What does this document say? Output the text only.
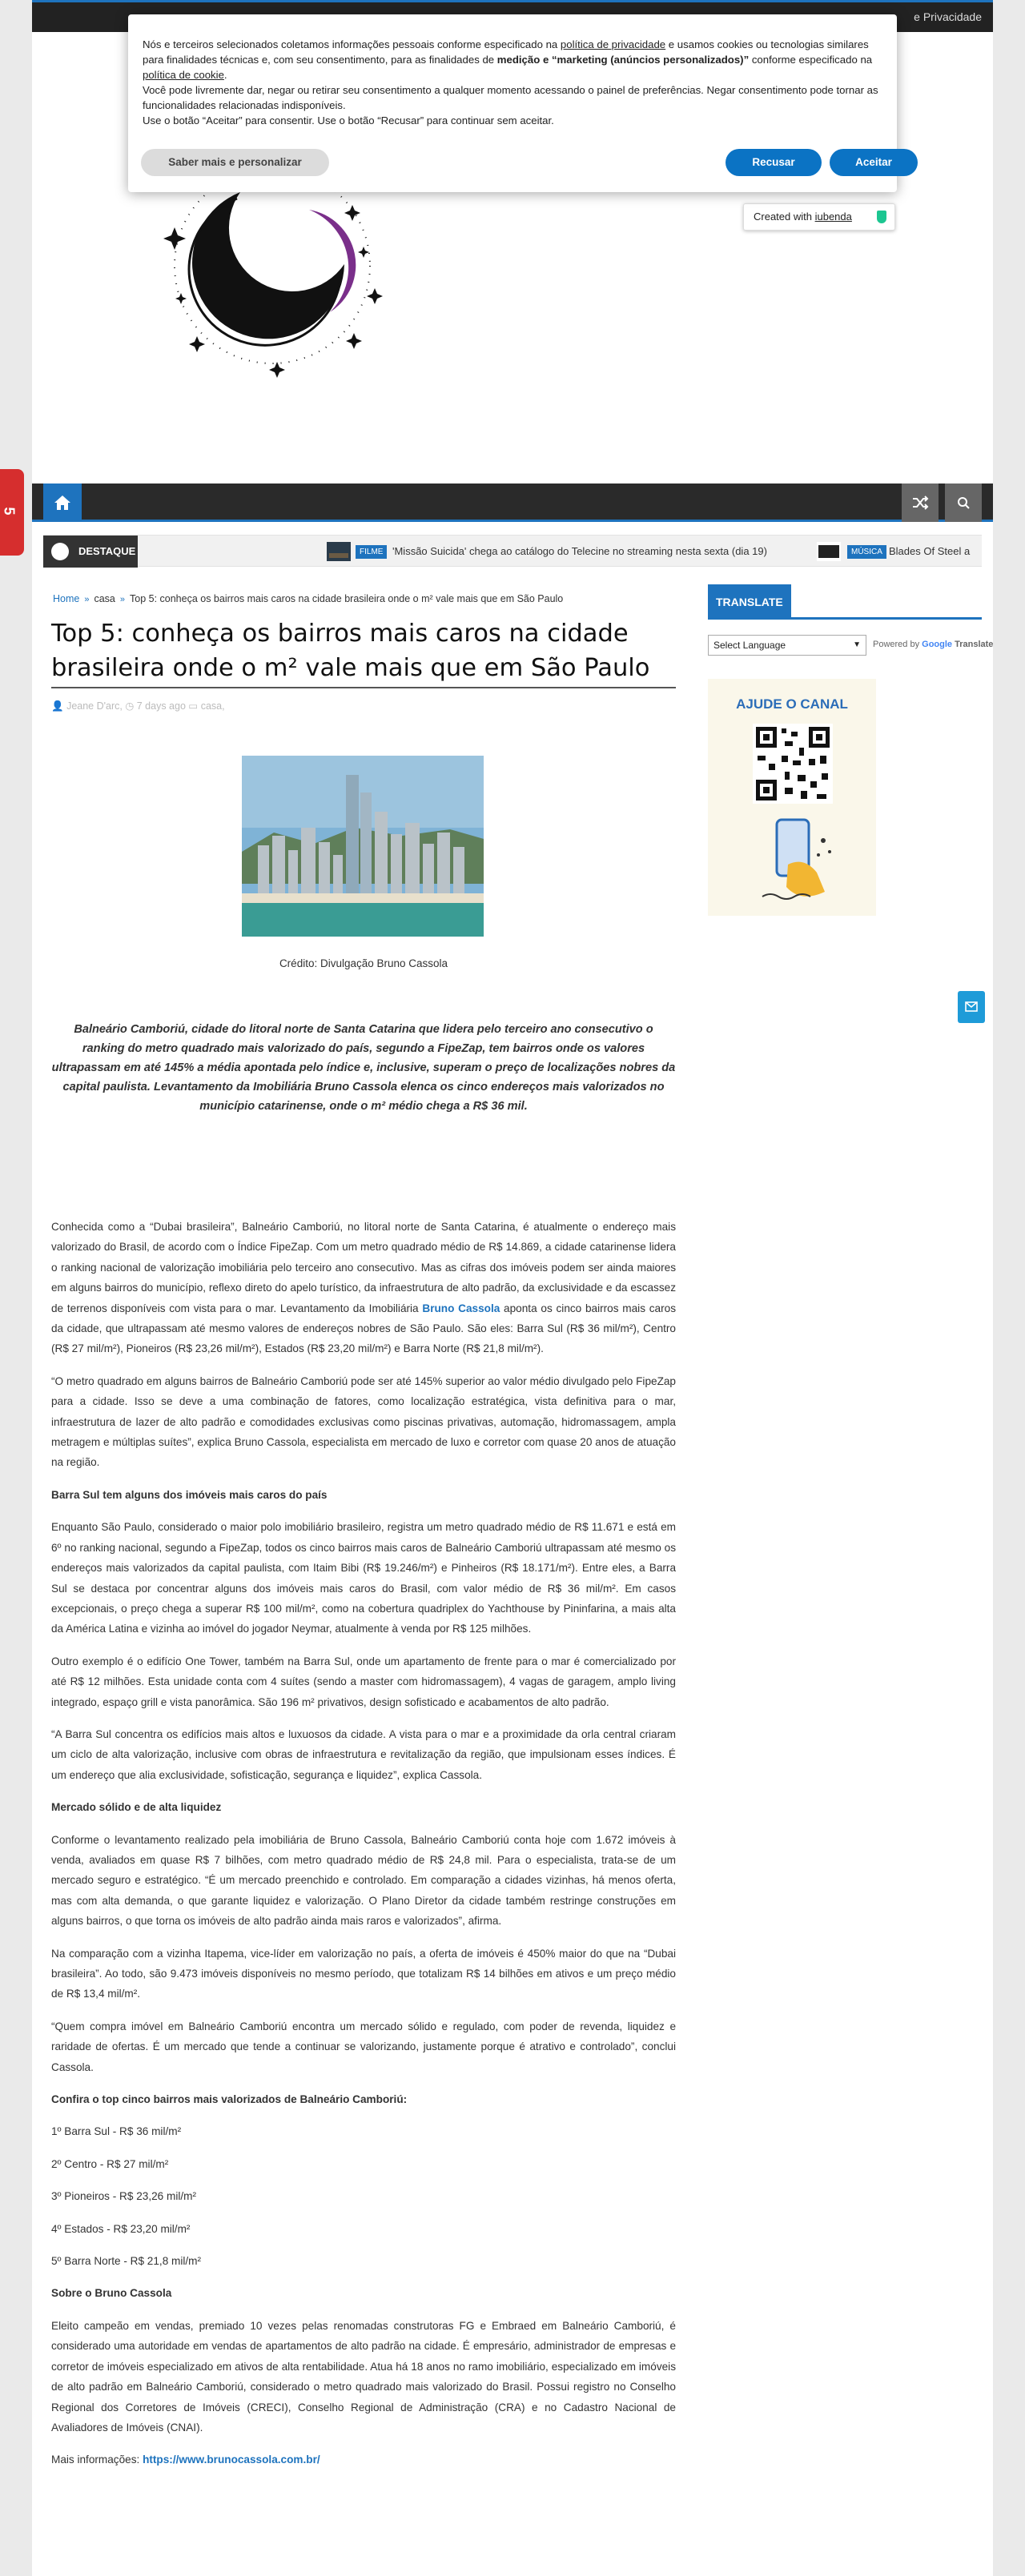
e Privacidade
Created with iubenda
DESTAQUE	FILME 'Missão Suicida' chega ao catálogo do Telecine no streaming nesta sexta (dia 19)	MÚSICA Blades Of Steel a
Home » casa » Top 5: conheça os bairros mais caros na cidade brasileira onde o m² vale mais que em São Paulo
Top 5: conheça os bairros mais caros na cidade brasileira onde o m² vale mais que em São Paulo
👤 Jeane D'arc, ◷ 7 days ago ▭ casa,
Crédito: Divulgação Bruno Cassola

Balneário Camboriú, cidade do litoral norte de Santa Catarina que lidera pelo terceiro ano consecutivo o ranking do metro quadrado mais valorizado do país, segundo a FipeZap, tem bairros onde os valores ultrapassam em até 145% a média apontada pelo índice e, inclusive, superam o preço de localizações nobres da capital paulista. Levantamento da Imobiliária Bruno Cassola elenca os cinco endereços mais valorizados no município catarinense, onde o m² médio chega a R$ 36 mil.

Conhecida como a “Dubai brasileira”, Balneário Camboriú, no litoral norte de Santa Catarina, é atualmente o endereço mais valorizado do Brasil, de acordo com o Índice FipeZap. Com um metro quadrado médio de R$ 14.869, a cidade catarinense lidera o ranking nacional de valorização imobiliária pelo terceiro ano consecutivo. Mas as cifras dos imóveis podem ser ainda maiores em alguns bairros do município, reflexo direto do apelo turístico, da infraestrutura de alto padrão, da exclusividade e da escassez de terrenos disponíveis com vista para o mar. Levantamento da Imobiliária Bruno Cassola aponta os cinco bairros mais caros da cidade, que ultrapassam até mesmo valores de endereços nobres de São Paulo. São eles: Barra Sul (R$ 36 mil/m²), Centro (R$ 27 mil/m²), Pioneiros (R$ 23,26 mil/m²), Estados (R$ 23,20 mil/m²) e Barra Norte (R$ 21,8 mil/m²).

“O metro quadrado em alguns bairros de Balneário Camboriú pode ser até 145% superior ao valor médio divulgado pelo FipeZap para a cidade. Isso se deve a uma combinação de fatores, como localização estratégica, vista definitiva para o mar, infraestrutura de lazer de alto padrão e comodidades exclusivas como piscinas privativas, automação, hidromassagem, ampla metragem e múltiplas suítes”, explica Bruno Cassola, especialista em mercado de luxo e corretor com quase 20 anos de atuação na região.

Barra Sul tem alguns dos imóveis mais caros do país

Enquanto São Paulo, considerado o maior polo imobiliário brasileiro, registra um metro quadrado médio de R$ 11.671 e está em 6º no ranking nacional, segundo a FipeZap, todos os cinco bairros mais caros de Balneário Camboriú ultrapassam até mesmo os endereços mais valorizados da capital paulista, com Itaim Bibi (R$ 19.246/m²) e Pinheiros (R$ 18.171/m²). Entre eles, a Barra Sul se destaca por concentrar alguns dos imóveis mais caros do Brasil, com valor médio de R$ 36 mil/m². Em casos excepcionais, o preço chega a superar R$ 100 mil/m², como na cobertura quadriplex do Yachthouse by Pininfarina, a mais alta da América Latina e vizinha ao imóvel do jogador Neymar, atualmente à venda por R$ 125 milhões.

Outro exemplo é o edifício One Tower, também na Barra Sul, onde um apartamento de frente para o mar é comercializado por até R$ 12 milhões. Esta unidade conta com 4 suítes (sendo a master com hidromassagem), 4 vagas de garagem, amplo living integrado, espaço grill e vista panorâmica. São 196 m² privativos, design sofisticado e acabamentos de alto padrão.

“A Barra Sul concentra os edifícios mais altos e luxuosos da cidade. A vista para o mar e a proximidade da orla central criaram um ciclo de alta valorização, inclusive com obras de infraestrutura e revitalização da região, que impulsionam esses índices. É um endereço que alia exclusividade, sofisticação, segurança e liquidez”, explica Cassola.

Mercado sólido e de alta liquidez

Conforme o levantamento realizado pela imobiliária de Bruno Cassola, Balneário Camboriú conta hoje com 1.672 imóveis à venda, avaliados em quase R$ 7 bilhões, com metro quadrado médio de R$ 24,8 mil. Para o especialista, trata-se de um mercado seguro e estratégico. “É um mercado preenchido e controlado. Em comparação a cidades vizinhas, há menos oferta, mas com alta demanda, o que garante liquidez e valorização. O Plano Diretor da cidade também restringe construções em alguns bairros, o que torna os imóveis de alto padrão ainda mais raros e valorizados”, afirma.

Na comparação com a vizinha Itapema, vice-líder em valorização no país, a oferta de imóveis é 450% maior do que na “Dubai brasileira”. Ao todo, são 9.473 imóveis disponíveis no mesmo período, que totalizam R$ 14 bilhões em ativos e um preço médio de R$ 13,4 mil/m².

“Quem compra imóvel em Balneário Camboriú encontra um mercado sólido e regulado, com poder de revenda, liquidez e raridade de ofertas. É um mercado que tende a continuar se valorizando, justamente porque é atrativo e controlado”, conclui Cassola.

Confira o top cinco bairros mais valorizados de Balneário Camboriú:

1º Barra Sul - R$ 36 mil/m²

2º Centro - R$ 27 mil/m²

3º Pioneiros - R$ 23,26 mil/m²

4º Estados - R$ 23,20 mil/m²

5º Barra Norte - R$ 21,8 mil/m²

Sobre o Bruno Cassola

Eleito campeão em vendas, premiado 10 vezes pelas renomadas construtoras FG e Embraed em Balneário Camboriú, é considerado uma autoridade em vendas de apartamentos de alto padrão na cidade. É empresário, administrador de empresas e corretor de imóveis especializado em ativos de alta rentabilidade. Atua há 18 anos no ramo imobiliário, especializado em imóveis de alto padrão em Balneário Camboriú, considerado o metro quadrado mais valorizado do Brasil. Possui registro no Conselho Regional dos Corretores de Imóveis (CRECI), Conselho Regional de Administração (CRA) e no Cadastro Nacional de Avaliadores de Imóveis (CNAI).

Mais informações: https://www.brunocassola.com.br/

TRANSLATE
Select Language	▼ Powered by Google Translate
AJUDE O CANAL

Nós e terceiros selecionados coletamos informações pessoais conforme especificado na política de privacidade e usamos cookies ou tecnologias similares para finalidades técnicas e, com seu consentimento, para as finalidades de medição e “marketing (anúncios personalizados)” conforme especificado na política de cookie.

Você pode livremente dar, negar ou retirar seu consentimento a qualquer momento acessando o painel de preferências. Negar consentimento pode tornar as funcionalidades relacionadas indisponíveis.

Use o botão “Aceitar” para consentir. Use o botão “Recusar” para continuar sem aceitar.

Saber mais e personalizar	Recusar	Aceitar
5
